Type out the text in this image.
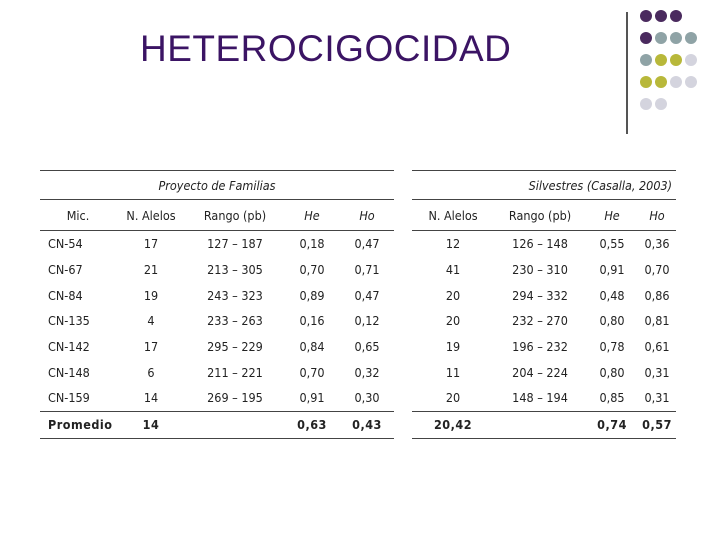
HETEROCIGOCIDAD
Proyecto de Familias						Silvestres (Casalla, 2003)			
Mic.	N. Alelos	Rango (pb)	He	Ho		N. Alelos	Rango (pb)	He	Ho
CN-54	17	127 – 187	0,18	0,47		12	126 – 148	0,55	0,36
CN-67	21	213 – 305	0,70	0,71		41	230 – 310	0,91	0,70
CN-84	19	243 – 323	0,89	0,47		20	294 – 332	0,48	0,86
CN-135	4	233 – 263	0,16	0,12		20	232 – 270	0,80	0,81
CN-142	17	295 – 229	0,84	0,65		19	196 – 232	0,78	0,61
CN-148	6	211 – 221	0,70	0,32		11	204 – 224	0,80	0,31
CN-159	14	269 – 195	0,91	0,30		20	148 – 194	0,85	0,31
Promedio	14		0,63	0,43		20,42		0,74	0,57
